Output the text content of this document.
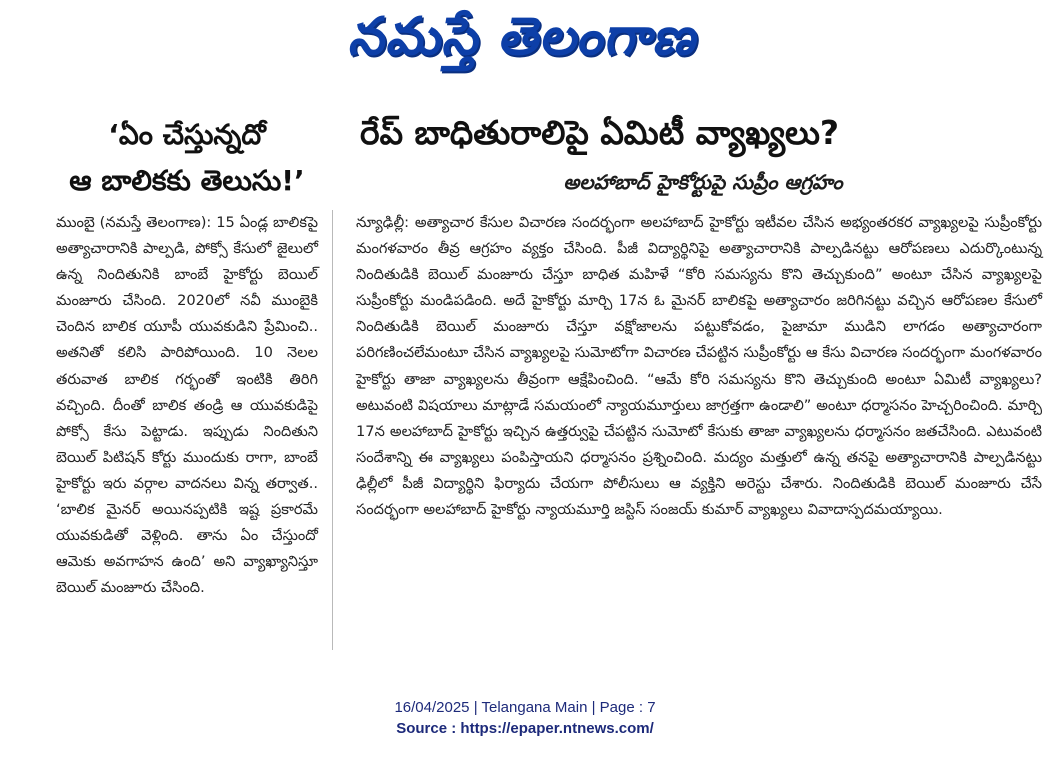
నమస్తే తెలంగాణ
‘ఏం చేస్తున్నదో
ఆ బాలికకు తెలుసు!’
ముంబై (నమస్తే తెలంగాణ): 15 ఏండ్ల బాలికపై అత్యాచారానికి పాల్పడి, పోక్సో కేసులో జైలులో ఉన్న నిందితునికి బాంబే హైకోర్టు బెయిల్ మంజూరు చేసింది. 2020లో నవీ ముంబైకి చెందిన బాలిక యూపీ యువకుడిని ప్రేమించి.. అతనితో కలిసి పారిపోయింది. 10 నెలల తరువాత బాలిక గర్భంతో ఇంటికి తిరిగి వచ్చింది. దీంతో బాలిక తండ్రి ఆ యువకుడిపై పోక్సో కేసు పెట్టాడు. ఇప్పుడు నిందితుని బెయిల్ పిటిషన్ కోర్టు ముందుకు రాగా, బాంబే హైకోర్టు ఇరు వర్గాల వాదనలు విన్న తర్వాత.. ‘బాలిక మైనర్ అయినప్పటికి ఇష్ట ప్రకారమే యువకుడితో వెళ్లింది. తాను ఏం చేస్తుందో ఆమెకు అవగాహన ఉంది’ అని వ్యాఖ్యానిస్తూ బెయిల్ మంజూరు చేసింది.
రేప్ బాధితురాలిపై ఏమిటీ వ్యాఖ్యలు?
అలహాబాద్ హైకోర్టుపై సుప్రీం ఆగ్రహం
న్యూఢిల్లీ: అత్యాచార కేసుల విచారణ సందర్భంగా అలహాబాద్ హైకోర్టు ఇటీవల చేసిన అభ్యంతరకర వ్యాఖ్యలపై సుప్రీంకోర్టు మంగళవారం తీవ్ర ఆగ్రహం వ్యక్తం చేసింది. పీజీ విద్యార్థినిపై అత్యాచారానికి పాల్పడినట్టు ఆరోపణలు ఎదుర్కొంటున్న నిందితుడికి బెయిల్ మంజూరు చేస్తూ బాధిత మహిళే “కోరి సమస్యను కొని తెచ్చుకుంది” అంటూ చేసిన వ్యాఖ్యలపై సుప్రీంకోర్టు మండిపడింది. అదే హైకోర్టు మార్చి 17న ఓ మైనర్ బాలికపై అత్యాచారం జరిగినట్టు వచ్చిన ఆరోపణల కేసులో నిందితుడికి బెయిల్ మంజూరు చేస్తూ వక్షోజాలను పట్టుకోవడం, పైజామా ముడిని లాగడం అత్యాచారంగా పరిగణించలేమంటూ చేసిన వ్యాఖ్యలపై సుమోటోగా విచారణ చేపట్టిన సుప్రీంకోర్టు ఆ కేసు విచారణ సందర్భంగా మంగళవారం హైకోర్టు తాజా వ్యాఖ్యలను తీవ్రంగా ఆక్షేపించింది. “ఆమే కోరి సమస్యను కొని తెచ్చుకుంది అంటూ ఏమిటీ వ్యాఖ్యలు? అటువంటి విషయాలు మాట్లాడే సమయంలో న్యాయమూర్తులు జాగ్రత్తగా ఉండాలి” అంటూ ధర్మాసనం హెచ్చరించింది. మార్చి 17న అలహాబాద్ హైకోర్టు ఇచ్చిన ఉత్తర్వుపై చేపట్టిన సుమోటో కేసుకు తాజా వ్యాఖ్యలను ధర్మాసనం జతచేసింది. ఎటువంటి సందేశాన్ని ఈ వ్యాఖ్యలు పంపిస్తాయని ధర్మాసనం ప్రశ్నించింది. మద్యం మత్తులో ఉన్న తనపై అత్యాచారానికి పాల్పడినట్టు ఢిల్లీలో పీజీ విద్యార్థిని ఫిర్యాదు చేయగా పోలీసులు ఆ వ్యక్తిని అరెస్టు చేశారు. నిందితుడికి బెయిల్ మంజూరు చేసే సందర్భంగా అలహాబాద్ హైకోర్టు న్యాయమూర్తి జస్టిస్ సంజయ్ కుమార్ వ్యాఖ్యలు వివాదాస్పదమయ్యాయి.
16/04/2025 | Telangana Main | Page : 7
Source : https://epaper.ntnews.com/
